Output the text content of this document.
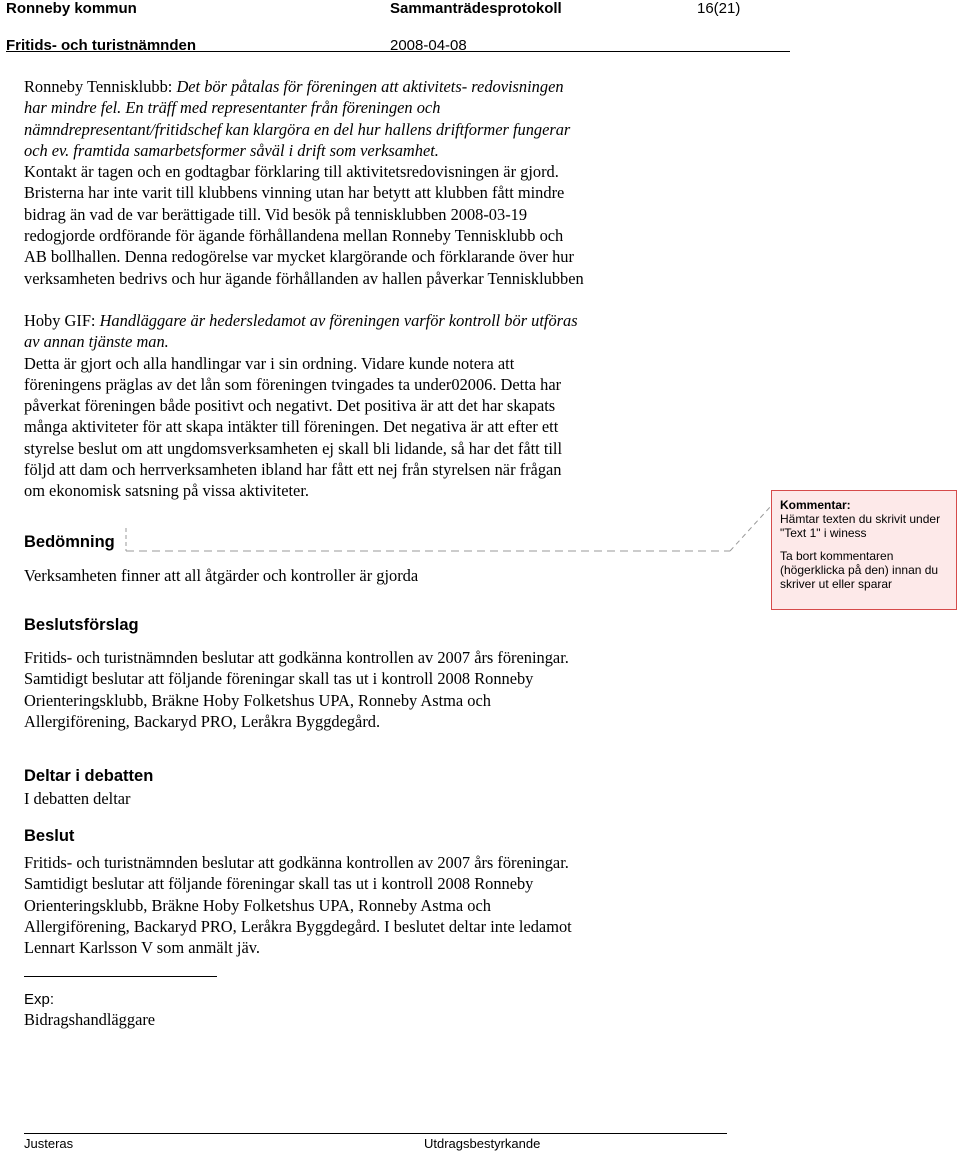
Ronneby kommun	Sammanträdesprotokoll	16(21)
Fritids- och turistnämnden	2008-04-08
Ronneby Tennisklubb: Det bör påtalas för föreningen att aktivitets- redovisningen
har mindre fel. En träff med representanter från föreningen och
nämndrepresentant/fritidschef kan klargöra en del hur hallens driftformer fungerar
och ev. framtida samarbetsformer såväl i drift som verksamhet.
Kontakt är tagen och en godtagbar förklaring till aktivitetsredovisningen är gjord.
Bristerna har inte varit till klubbens vinning utan har betytt att klubben fått mindre
bidrag än vad de var berättigade till. Vid besök på tennisklubben 2008-03-19
redogjorde ordförande för ägande förhållandena mellan Ronneby Tennisklubb och
AB bollhallen. Denna redogörelse var mycket klargörande och förklarande över hur
verksamheten bedrivs och hur ägande förhållanden av hallen påverkar Tennisklubben
Hoby GIF: Handläggare är hedersledamot av föreningen varför kontroll bör utföras
av annan tjänste man.
Detta är gjort och alla handlingar var i sin ordning. Vidare kunde notera att
föreningens präglas av det lån som föreningen tvingades ta under02006. Detta har
påverkat föreningen både positivt och negativt. Det positiva är att det har skapats
många aktiviteter för att skapa intäkter till föreningen. Det negativa är att efter ett
styrelse beslut om att ungdomsverksamheten ej skall bli lidande, så har det fått till
följd att dam och herrverksamheten ibland har fått ett nej från styrelsen när frågan
om ekonomisk satsning på vissa aktiviteter.
Bedömning
Verksamheten finner att all åtgärder och kontroller är gjorda
Beslutsförslag
Fritids- och turistnämnden beslutar att godkänna kontrollen av 2007 års föreningar.
Samtidigt beslutar att följande föreningar skall tas ut i kontroll 2008 Ronneby
Orienteringsklubb, Bräkne Hoby Folketshus UPA, Ronneby Astma och
Allergiförening, Backaryd PRO, Leråkra Byggdegård.
Deltar i debatten
I debatten deltar
Beslut
Fritids- och turistnämnden beslutar att godkänna kontrollen av 2007 års föreningar.
Samtidigt beslutar att följande föreningar skall tas ut i kontroll 2008 Ronneby
Orienteringsklubb, Bräkne Hoby Folketshus UPA, Ronneby Astma och
Allergiförening, Backaryd PRO, Leråkra Byggdegård. I beslutet deltar inte ledamot
Lennart Karlsson V som anmält jäv.
Exp:
Bidragshandläggare
Kommentar:
Hämtar texten du skrivit under
"Text 1" i winess
Ta bort kommentaren
(högerklicka på den) innan du
skriver ut eller sparar
Justeras	Utdragsbestyrkande
